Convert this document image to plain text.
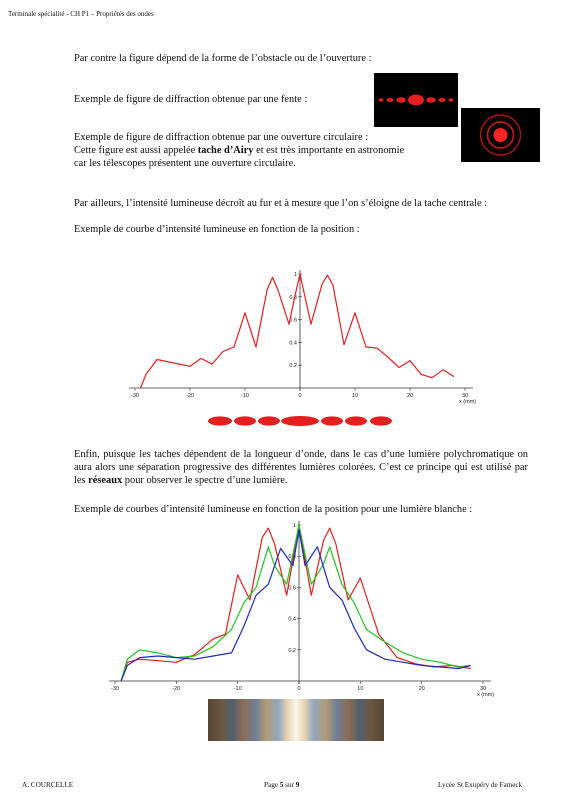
Terminale spécialité - CH P1 – Propriétés des ondes
Par contre la figure dépend de la forme de l’obstacle ou de l’ouverture :
Exemple de figure de diffraction obtenue par une fente :
Exemple de figure de diffraction obtenue par une ouverture circulaire :
Cette figure est aussi appelée tache d’Airy et est très importante en astronomie
car les télescopes présentent une ouverture circulaire.
Par ailleurs, l’intensité lumineuse décroît au fur et à mesure que l’on s’éloigne de la tache centrale :
Exemple de courbe d’intensité lumineuse en fonction de la position :
-30	-20	-10	0	10	20	30
0.2
0.4
0.6
0.8
1
x (mm)
Enfin, puisque les taches dépendent de la longueur d’onde, dans le cas d’une lumière polychromatique on aura alors une séparation progressive des différentes lumières colorées. C’est ce principe qui est utilisé par les réseaux pour observer le spectre d’une lumière.
Exemple de courbes d’intensité lumineuse en fonction de la position pour une lumière blanche :
-30	-20	-10	0	10	20	30
0.2
0.4
0.6
0.8
1
x (mm)
A. COURCELLE	Page 5 sur 9	Lycée St Exupéry de Fameck
